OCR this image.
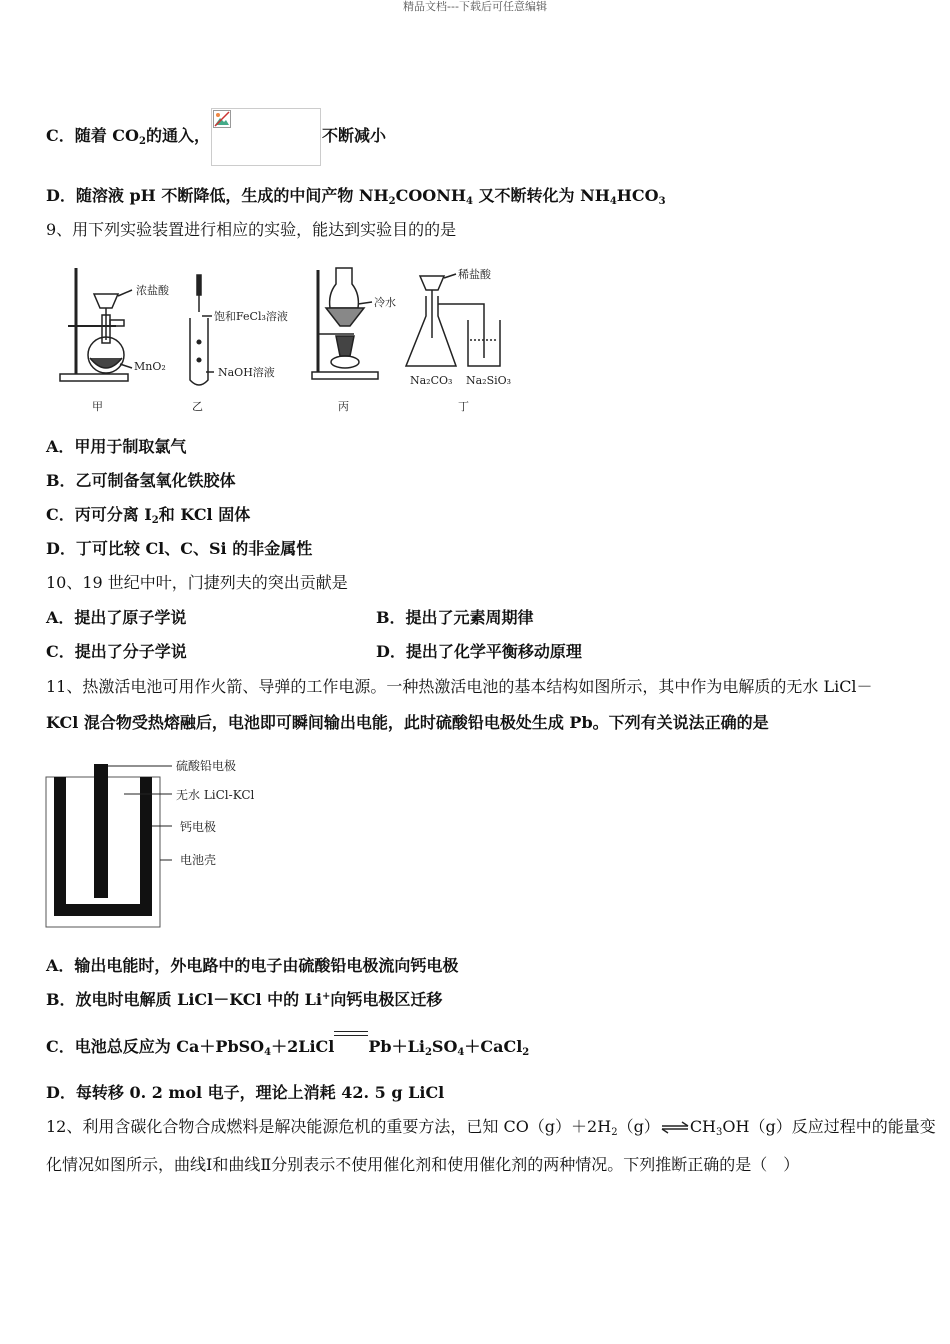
精品文档---下载后可任意编辑
C．随着 $CO_2$的通入，	不断减小
D．随溶液 pH 不断降低，生成的中间产物 $NH_2COONH_4$ 又不断转化为 $NH_4HCO_3$
9、用下列实验装置进行相应的实验，能达到实验目的的是
浓盐酸
MnO₂
甲
饱和FeCl₃溶液
NaOH溶液
乙
冷水
丙
稀盐酸
Na₂CO₃ Na₂SiO₃
丁
A．甲用于制取氯气
B．乙可制备氢氧化铁胶体
C．丙可分离 $I_2$和 KCl 固体
D．丁可比较 Cl、C、Si 的非金属性
10、19 世纪中叶，门捷列夫的突出贡献是
A．提出了原子学说	B．提出了元素周期律
C．提出了分子学说	D．提出了化学平衡移动原理
11、热激活电池可用作火箭、导弹的工作电源。一种热激活电池的基本结构如图所示，其中作为电解质的无水 LiCl－
KCl 混合物受热熔融后，电池即可瞬间输出电能，此时硫酸铅电极处生成 Pb。下列有关说法正确的是
硫酸铅电极
无水 LiCl-KCl
钙电极
电池壳
A．输出电能时，外电路中的电子由硫酸铅电极流向钙电极
B．放电时电解质 LiCl－KCl 中的 Li+向钙电极区迁移
C．电池总反应为 Ca＋PbSO$_4$＋2LiCl $Pb+Li_2SO_4+CaCl_2$
D．每转移 0. 2 mol 电子，理论上消耗 42. 5 g LiCl
12、利用含碳化合物合成燃料是解决能源危机的重要方法，已知 $CO(g)+2H_2(g)\rightleftharpoons CH_3OH(g)$反应过程中的能量变
化情况如图所示，曲线Ⅰ和曲线Ⅱ分别表示不使用催化剂和使用催化剂的两种情况。下列推断正确的是（　）
